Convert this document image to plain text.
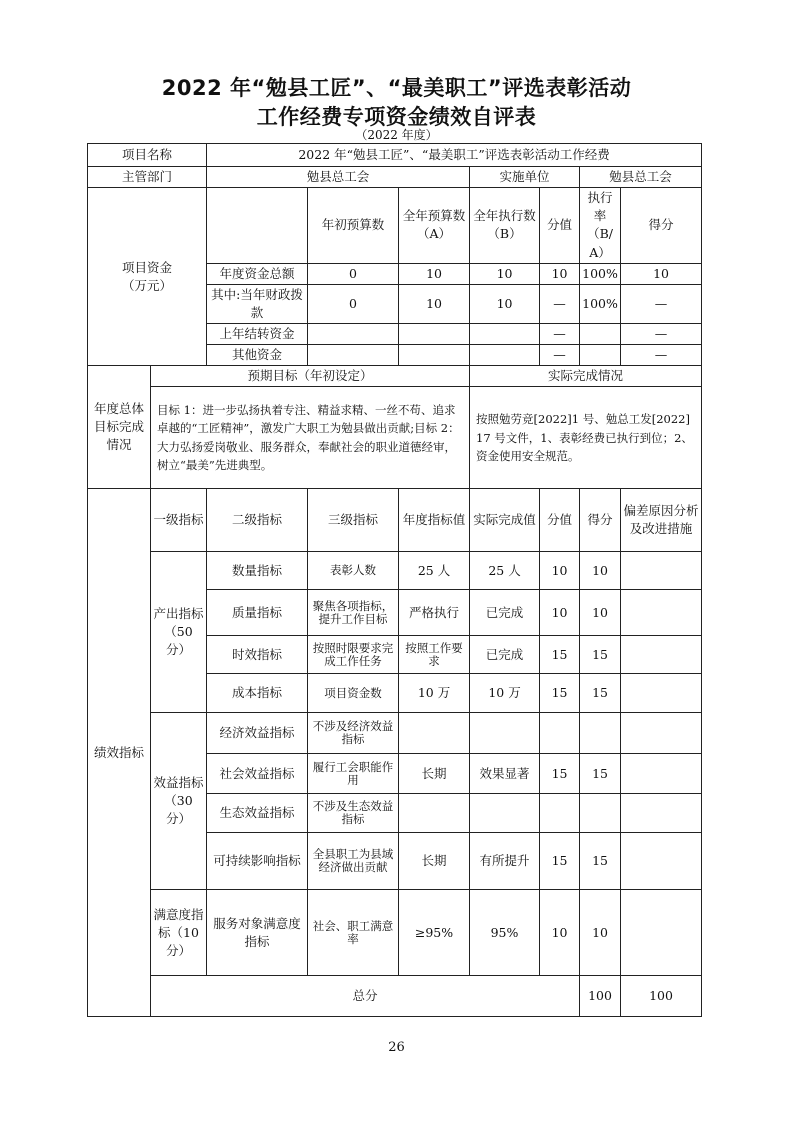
2022 年“勉县工匠”、“最美职工”评选表彰活动
工作经费专项资金绩效自评表
（2022 年度）
项目名称		2022 年“勉县工匠”、“最美职工”评选表彰活动工作经费							
主管部门		勉县总工会			实施单位		勉县总工会		

项目资金
（万元）			年初预算数	全年预算数（A）	全年执行数（B）	分值	执行率（B/A）	得分	
		年度资金总额	0	10	10	10	100%	10	
		其中:当年财政拨款	0	10	10	—	100%	—	
		上年结转资金				—		—	
		其他资金				—		—	
年度总体目标完成情况	预期目标（年初设定）				实际完成情况				
	目标 1：进一步弘扬执着专注、精益求精、一丝不苟、追求卓越的“工匠精神”，激发广大职工为勉县做出贡献;目标 2：大力弘扬爱岗敬业、服务群众，奉献社会的职业道德经审，树立“最美”先进典型。				按照勉劳竞[2022]1 号、勉总工发[2022]17 号文件，1、表彰经费已执行到位；2、资金使用安全规范。				
绩效指标	一级指标	二级指标	三级指标	年度指标值	实际完成值	分值	得分	偏差原因分析及改进措施	
	产出指标（50 分）	数量指标	表彰人数	25 人	25 人	10	10		
		质量指标	聚焦各项指标，提升工作目标	严格执行	已完成	10	10		
		时效指标	按照时限要求完成工作任务	按照工作要求	已完成	15	15		
		成本指标	项目资金数	10 万	10 万	15	15		
	效益指标（30 分）	经济效益指标	不涉及经济效益指标						
		社会效益指标	履行工会职能作用	长期	效果显著	15	15		
		生态效益指标	不涉及生态效益指标						
		可持续影响指标	全县职工为县域经济做出贡献	长期	有所提升	15	15		
	满意度指标（10 分）	服务对象满意度指标	社会、职工满意率	≥95%	95%	10	10		
	总分						100	100	
26
